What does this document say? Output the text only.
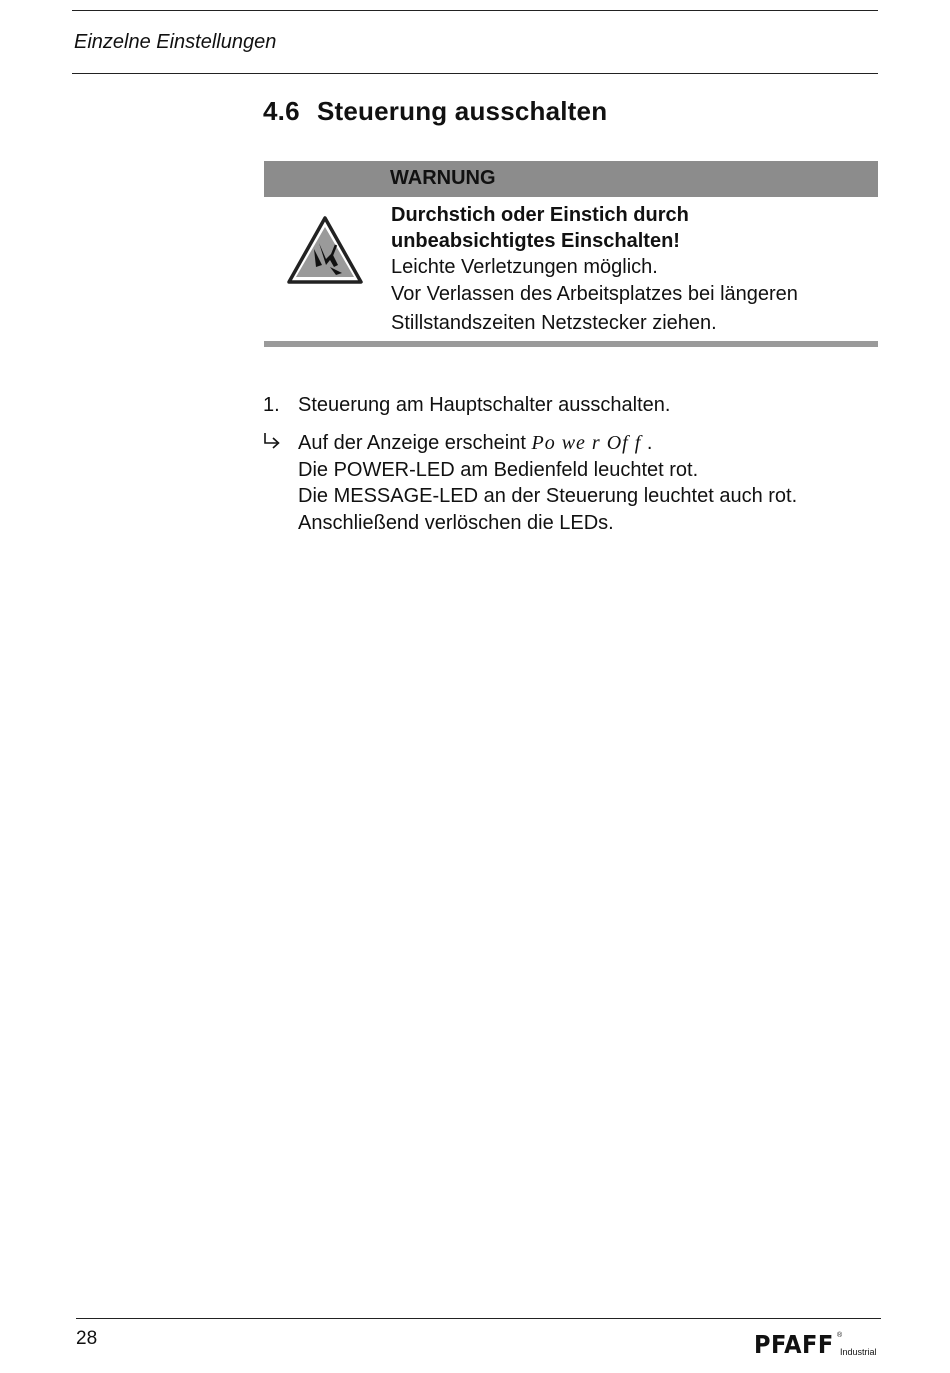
Einzelne Einstellungen
4.6 Steuerung ausschalten
WARNUNG
Durchstich oder Einstich durch
unbeabsichtigtes Einschalten!
Leichte Verletzungen möglich.
Vor Verlassen des Arbeitsplatzes bei längeren
Stillstandszeiten Netzstecker ziehen.
1. Steuerung am Hauptschalter ausschalten.
Auf der Anzeige erscheint Po we r Of f .
Die POWER-LED am Bedienfeld leuchtet rot.
Die MESSAGE-LED an der Steuerung leuchtet auch rot.
Anschließend verlöschen die LEDs.
28	PFAFF ®
Industrial
